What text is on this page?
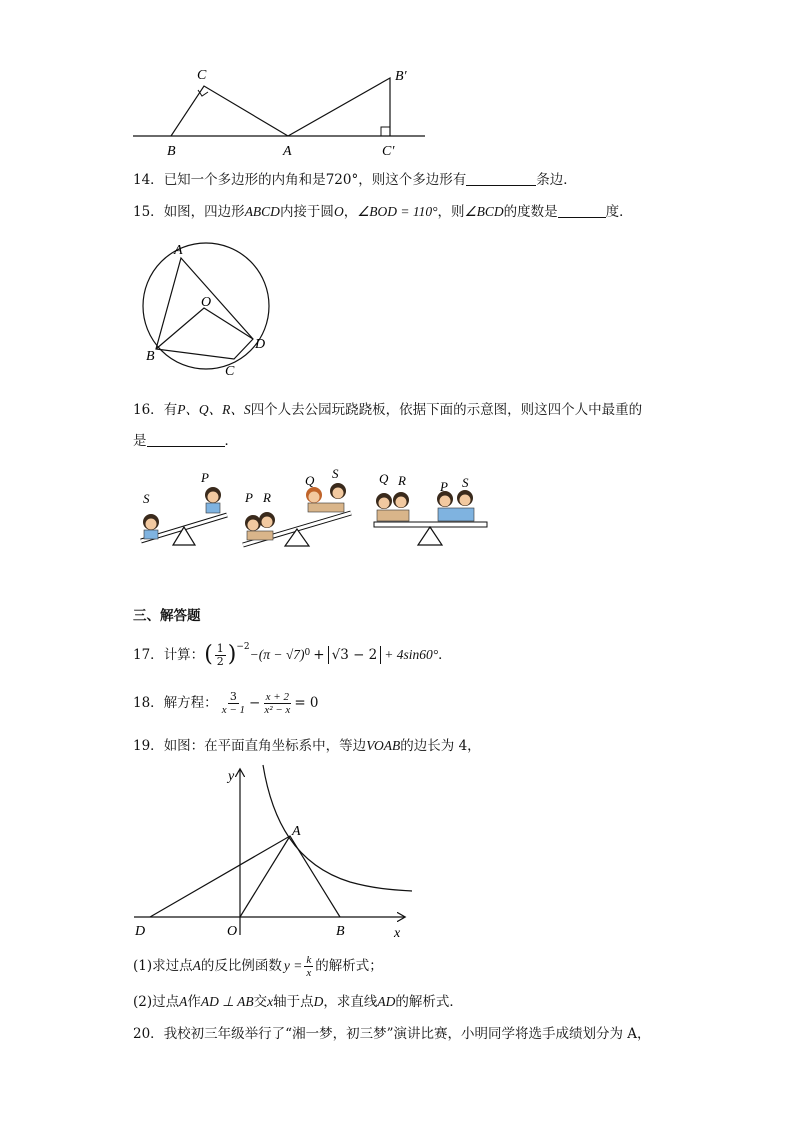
C	B′
B	A	C′
14．已知一个多边形的内角和是720°，则这个多边形有	条边．
15．如图，四边形ABCD内接于圆O，∠BOD = 110°，则∠BCD的度数是	度．
A
O
B
D
C
16．有P、Q、R、S四个人去公园玩跷跷板，依据下面的示意图，则这四个人中最重的
是	．
S
P
P R
Q S	Q R	P S
三、解答题
17． 计算： ( $\frac{1}{2} )^{-2} -(\pi - √7)$ 0 + √3 − 2 + 4sin60° ．
18． 解方程： $\frac{3}{x - 1} - \frac{x + 2}{\text{x² − x}} = 0$
19．如图：在平面直角坐标系中，等边VOAB的边长为 4，
y
A
D	O	B	x
(1)求过点 A 的反比例函数 $y = \frac{k}{x}$ 的解析式；
(2)过点A作AD ⊥ AB交x轴于点D，求直线AD的解析式．
20．我校初三年级举行了“湘一梦，初三梦”演讲比赛，小明同学将选手成绩划分为 A，
